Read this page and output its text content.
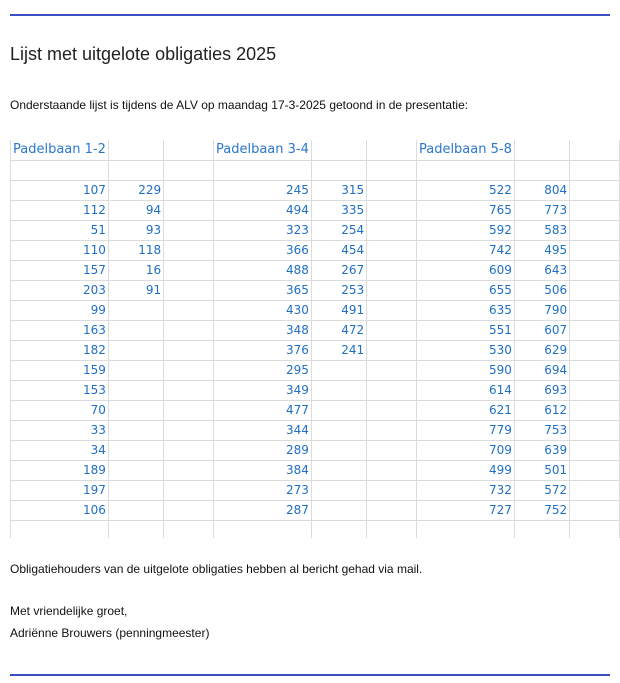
Lijst met uitgelote obligaties 2025

Onderstaande lijst is tijdens de ALV op maandag 17-3-2025 getoond in de presentatie:

Padelbaan 1-2			Padelbaan 3-4			Padelbaan 5-8		

107	229		245	315		522	804	
112	94		494	335		765	773	
51	93		323	254		592	583	
110	118		366	454		742	495	
157	16		488	267		609	643	
203	91		365	253		655	506	
99			430	491		635	790	
163			348	472		551	607	
182			376	241		530	629	
159			295			590	694	
153			349			614	693	
70			477			621	612	
33			344			779	753	
34			289			709	639	
189			384			499	501	
197			273			732	572	
106			287			727	752	

Obligatiehouders van de uitgelote obligaties hebben al bericht gehad via mail.

Met vriendelijke groet,

Adriënne Brouwers (penningmeester)
